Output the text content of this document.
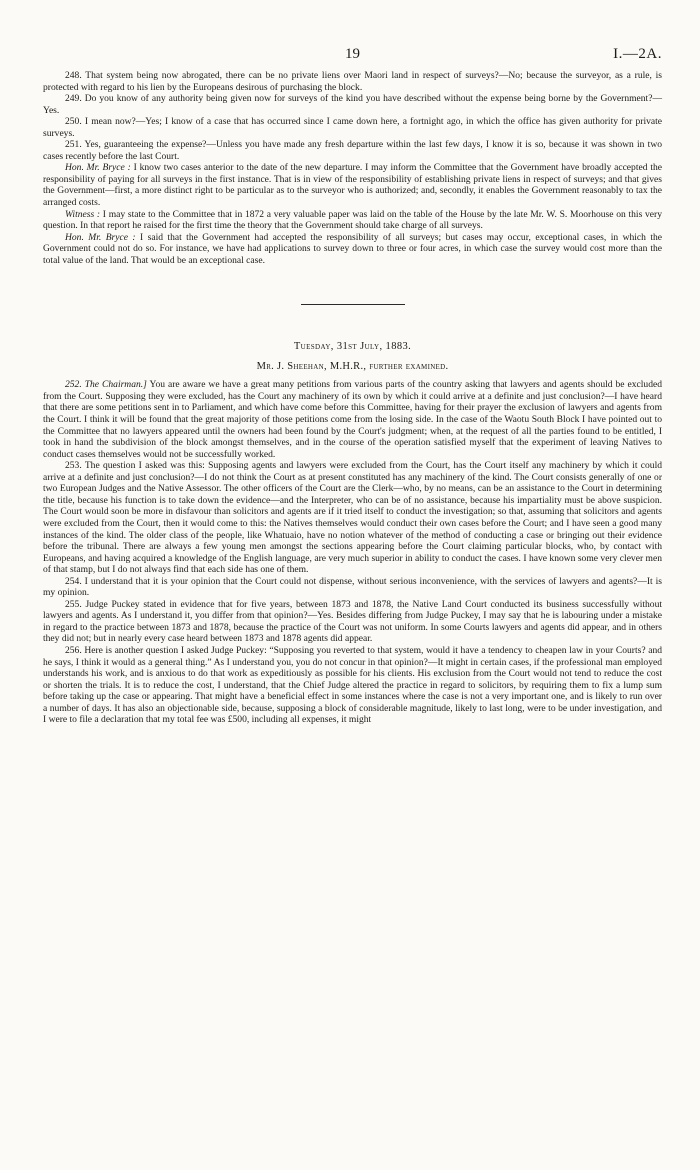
19	I.—2A.

248. That system being now abrogated, there can be no private liens over Maori land in respect of surveys?—No; because the surveyor, as a rule, is protected with regard to his lien by the Europeans desirous of purchasing the block.

249. Do you know of any authority being given now for surveys of the kind you have described without the expense being borne by the Government?—Yes.

250. I mean now?—Yes; I know of a case that has occurred since I came down here, a fortnight ago, in which the office has given authority for private surveys.

251. Yes, guaranteeing the expense?—Unless you have made any fresh departure within the last few days, I know it is so, because it was shown in two cases recently before the last Court.

Hon. Mr. Bryce : I know two cases anterior to the date of the new departure. I may inform the Committee that the Government have broadly accepted the responsibility of paying for all surveys in the first instance. That is in view of the responsibility of establishing private liens in respect of surveys; and that gives the Government—first, a more distinct right to be particular as to the surveyor who is authorized; and, secondly, it enables the Government reasonably to tax the arranged costs.

Witness : I may state to the Committee that in 1872 a very valuable paper was laid on the table of the House by the late Mr. W. S. Moorhouse on this very question. In that report he raised for the first time the theory that the Government should take charge of all surveys.

Hon. Mr. Bryce : I said that the Government had accepted the responsibility of all surveys; but cases may occur, exceptional cases, in which the Government could not do so. For instance, we have had applications to survey down to three or four acres, in which case the survey would cost more than the total value of the land. That would be an exceptional case.

Tuesday, 31st July, 1883.
Mr. J. Sheehan, M.H.R., further examined.

252. The Chairman.] You are aware we have a great many petitions from various parts of the country asking that lawyers and agents should be excluded from the Court. Supposing they were excluded, has the Court any machinery of its own by which it could arrive at a definite and just conclusion?—I have heard that there are some petitions sent in to Parliament, and which have come before this Committee, having for their prayer the exclusion of lawyers and agents from the Court. I think it will be found that the great majority of those petitions come from the losing side. In the case of the Waotu South Block I have pointed out to the Committee that no lawyers appeared until the owners had been found by the Court's judgment; when, at the request of all the parties found to be entitled, I took in hand the subdivision of the block amongst themselves, and in the course of the operation satisfied myself that the experiment of leaving Natives to conduct cases themselves would not be successfully worked.

253. The question I asked was this: Supposing agents and lawyers were excluded from the Court, has the Court itself any machinery by which it could arrive at a definite and just conclusion?—I do not think the Court as at present constituted has any machinery of the kind. The Court consists generally of one or two European Judges and the Native Assessor. The other officers of the Court are the Clerk—who, by no means, can be an assistance to the Court in determining the title, because his function is to take down the evidence—and the Interpreter, who can be of no assistance, because his impartiality must be above suspicion. The Court would soon be more in disfavour than solicitors and agents are if it tried itself to conduct the investigation; so that, assuming that solicitors and agents were excluded from the Court, then it would come to this: the Natives themselves would conduct their own cases before the Court; and I have seen a good many instances of the kind. The older class of the people, like Whatuaio, have no notion whatever of the method of conducting a case or bringing out their evidence before the tribunal. There are always a few young men amongst the sections appearing before the Court claiming particular blocks, who, by contact with Europeans, and having acquired a knowledge of the English language, are very much superior in ability to conduct the cases. I have known some very clever men of that stamp, but I do not always find that each side has one of them.

254. I understand that it is your opinion that the Court could not dispense, without serious inconvenience, with the services of lawyers and agents?—It is my opinion.

255. Judge Puckey stated in evidence that for five years, between 1873 and 1878, the Native Land Court conducted its business successfully without lawyers and agents. As I understand it, you differ from that opinion?—Yes. Besides differing from Judge Puckey, I may say that he is labouring under a mistake in regard to the practice between 1873 and 1878, because the practice of the Court was not uniform. In some Courts lawyers and agents did appear, and in others they did not; but in nearly every case heard between 1873 and 1878 agents did appear.

256. Here is another question I asked Judge Puckey: “Supposing you reverted to that system, would it have a tendency to cheapen law in your Courts? and he says, I think it would as a general thing.” As I understand you, you do not concur in that opinion?—It might in certain cases, if the professional man employed understands his work, and is anxious to do that work as expeditiously as possible for his clients. His exclusion from the Court would not tend to reduce the cost or shorten the trials. It is to reduce the cost, I understand, that the Chief Judge altered the practice in regard to solicitors, by requiring them to fix a lump sum before taking up the case or appearing. That might have a beneficial effect in some instances where the case is not a very important one, and is likely to run over a number of days. It has also an objectionable side, because, supposing a block of considerable magnitude, likely to last long, were to be under investigation, and I were to file a declaration that my total fee was £500, including all expenses, it might
